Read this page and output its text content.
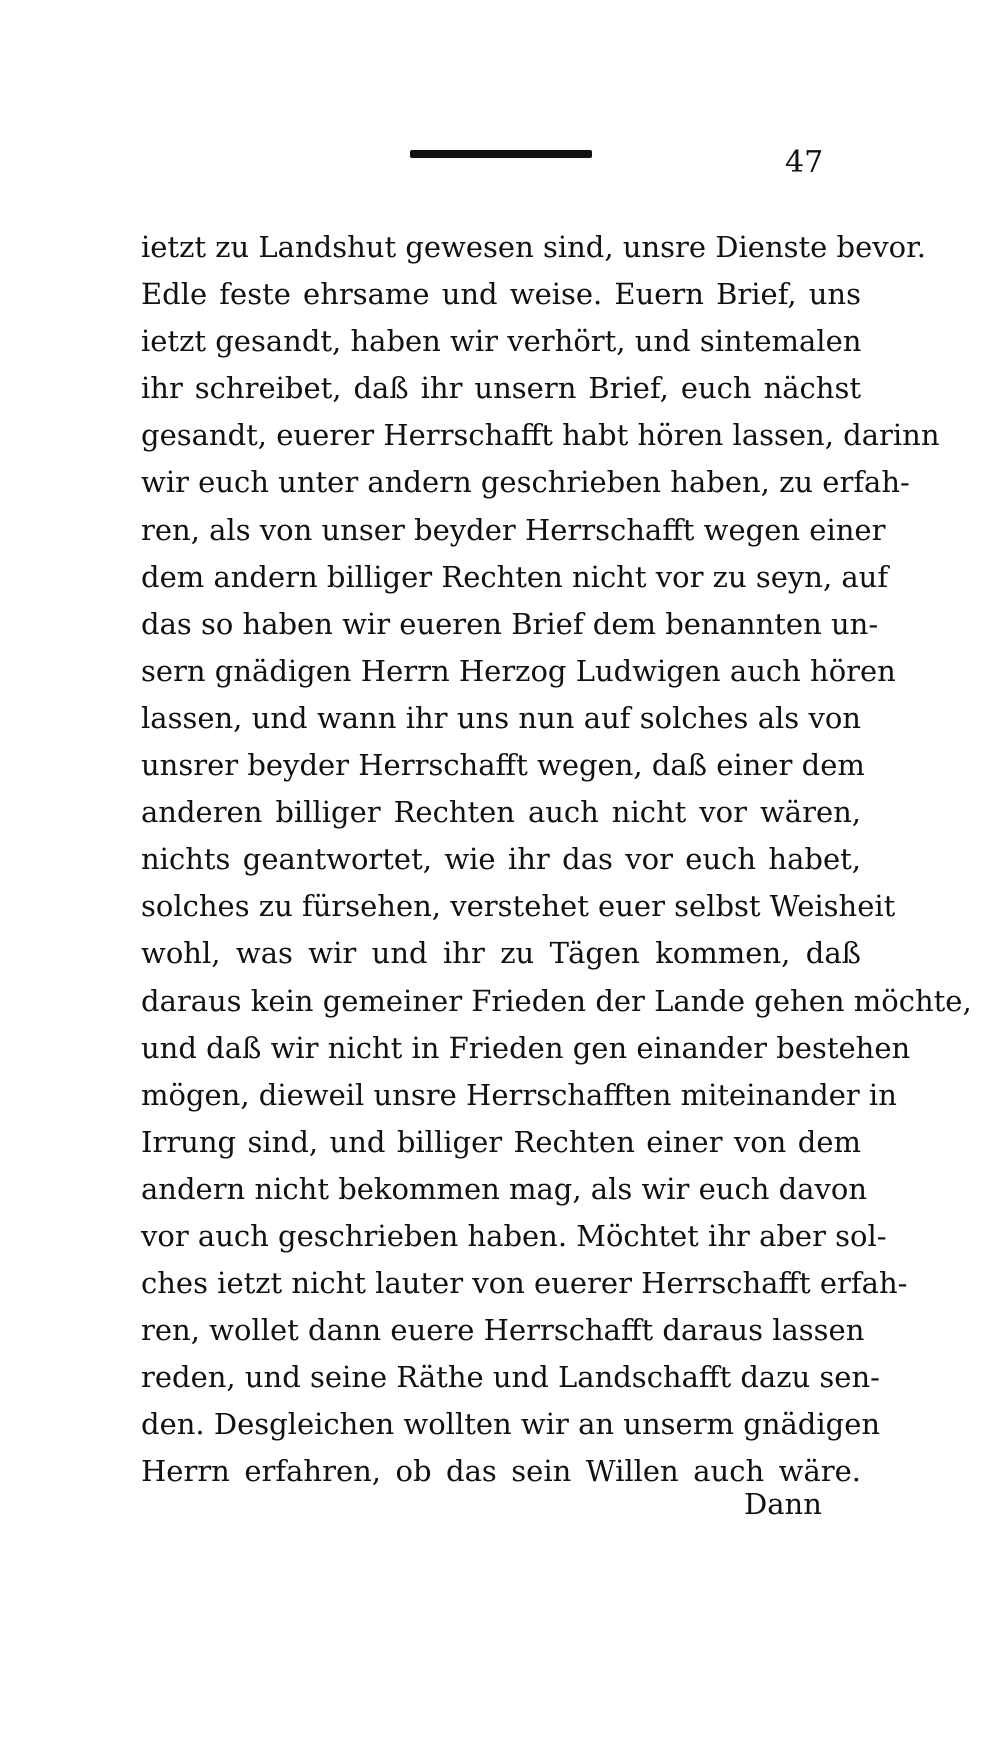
47
ietzt zu Landshut gewesen sind, unsre Dienste bevor.
Edle feste ehrsame und weise. Euern Brief, uns
ietzt gesandt, haben wir verhört, und sintemalen
ihr schreibet, daß ihr unsern Brief, euch nächst
gesandt, euerer Herrschafft habt hören lassen, darinn
wir euch unter andern geschrieben haben, zu erfah-
ren, als von unser beyder Herrschafft wegen einer
dem andern billiger Rechten nicht vor zu seyn, auf
das so haben wir eueren Brief dem benannten un-
sern gnädigen Herrn Herzog Ludwigen auch hören
lassen, und wann ihr uns nun auf solches als von
unsrer beyder Herrschafft wegen, daß einer dem
anderen billiger Rechten auch nicht vor wären,
nichts geantwortet, wie ihr das vor euch habet,
solches zu fürsehen, verstehet euer selbst Weisheit
wohl, was wir und ihr zu Tägen kommen, daß
daraus kein gemeiner Frieden der Lande gehen möchte,
und daß wir nicht in Frieden gen einander bestehen
mögen, dieweil unsre Herrschafften miteinander in
Irrung sind, und billiger Rechten einer von dem
andern nicht bekommen mag, als wir euch davon
vor auch geschrieben haben. Möchtet ihr aber sol-
ches ietzt nicht lauter von euerer Herrschafft erfah-
ren, wollet dann euere Herrschafft daraus lassen
reden, und seine Räthe und Landschafft dazu sen-
den. Desgleichen wollten wir an unserm gnädigen
Herrn erfahren, ob das sein Willen auch wäre.
Dann
